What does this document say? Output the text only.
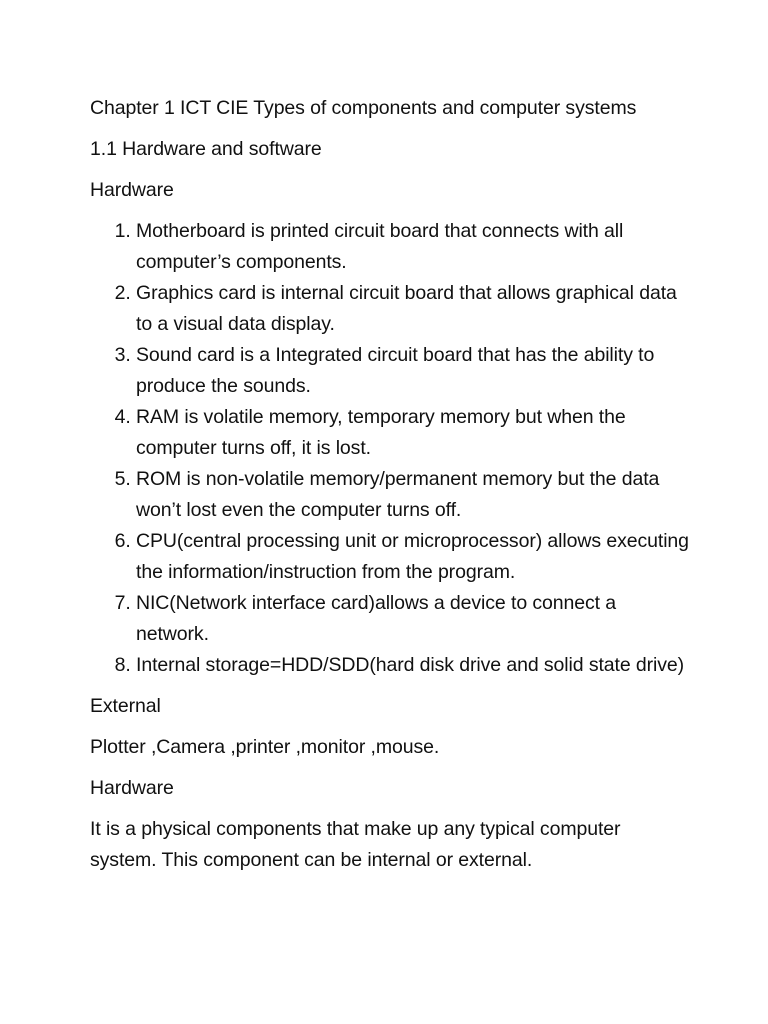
Chapter 1 ICT CIE Types of components and computer systems

1.1 Hardware and software

Hardware

1. Motherboard is printed circuit board that connects with all computer’s components.
2. Graphics card is internal circuit board that allows graphical data to a visual data display.
3. Sound card is a Integrated circuit board that has the ability to produce the sounds.
4. RAM is volatile memory, temporary memory but when the computer turns off, it is lost.
5. ROM is non-volatile memory/permanent memory but the data won’t lost even the computer turns off.
6. CPU(central processing unit or microprocessor) allows executing the information/instruction from the program.
7. NIC(Network interface card)allows a device to connect a network.
8. Internal storage=HDD/SDD(hard disk drive and solid state drive)

External

Plotter ,Camera ,printer ,monitor ,mouse.

Hardware

It is a physical components that make up any typical computer system. This component can be internal or external.
